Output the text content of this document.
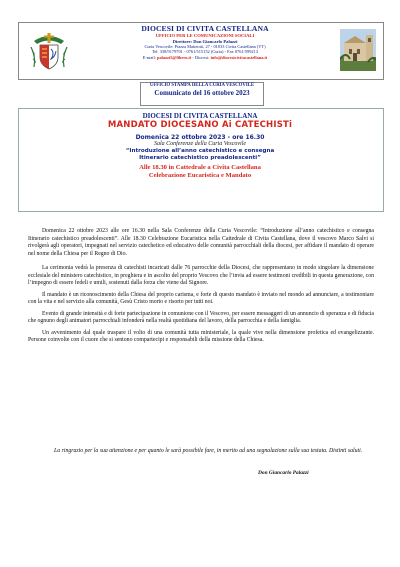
DIOCESI DI CIVITA CASTELLANA
UFFICIO PER LE COMUNICAZIONI SOCIALI
Direttore: Don Giancarlo Palazzi
Curia Vescovile: Piazza Matteotti, 27 - 01033 Civita Castellana (VT)
Tel. 338/9179701 - 0761/515152 (Curia) - Fax 0761/599213
E-mail: palazzi5@libero.it - Diocesi: info@diocesicivitacastellana.it
UFFICIO STAMPA DELLA CURIA VESCOVILE
Comunicato del 16 ottobre 2023
DIOCESI DI CIVITA CASTELLANA
MANDATO DIOCESANO Ai CATECHISTi
Domenica 22 ottobre 2023 - ore 16.30
Sala Conferenze della Curia Vescovile
“Introduzione all’anno catechistico e consegna
Itinerario catechistico preadolescenti”
Alle 18.30 in Cattedrale a Civita Castellana
Celebrazione Eucaristica e Mandato

Domenica 22 ottobre 2023 alle ore 16.30 nella Sala Conferenze della Curia Vescovile: “Introduzione all’anno catechistico e consegna Itinerario catechistico preadolescenti”. Alle 18.30 Celebrazione Eucaristica nella Cattedrale di Civita Castellana, dove il vescovo Marco Salvi si rivolgerà agli operatori, impegnati nel servizio catechetico ed educativo delle comunità parrocchiali della diocesi, per affidare il mandato di operare nel nome della Chiesa per il Regno di Dio.

La cerimonia vedrà la presenza di catechisti incaricati dalle 76 parrocchie della Diocesi, che rappresentano in modo singolare la dimensione ecclesiale del ministero catechistico, in preghiera e in ascolto del proprio Vescovo che l’invia ad essere testimoni credibili in questa generazione, con l’impegno di essere fedeli e umili, sostenuti dalla forza che viene dal Signore.

Il mandato è un riconoscimento della Chiesa del proprio carisma, e forte di questo mandato è inviato nel mondo ad annunciare, a testimoniare con la vita e nel servizio alla comunità, Gesù Cristo morto e risorto per tutti noi.

Evento di grande intensità e di forte partecipazione in comunione con il Vescovo, per essere messaggeri di un annuncio di speranza e di fiducia che ognuno degli animatori parrocchiali infonderà nella realtà quotidiana del lavoro, della parrocchia e della famiglia.

Un avvenimento dal quale traspare il volto di una comunità tutta ministeriale, la quale vive nella dimensione profetica ed evangelizzante. Persone coinvolte con il cuore che si sentono compartecipi e responsabili della missione della Chiesa.

La ringrazio per la sua attenzione e per quanto le sarà possibile fare, in merito ad una segnalazione sulla sua testata. Distinti saluti.
Don Giancarlo Palazzi
